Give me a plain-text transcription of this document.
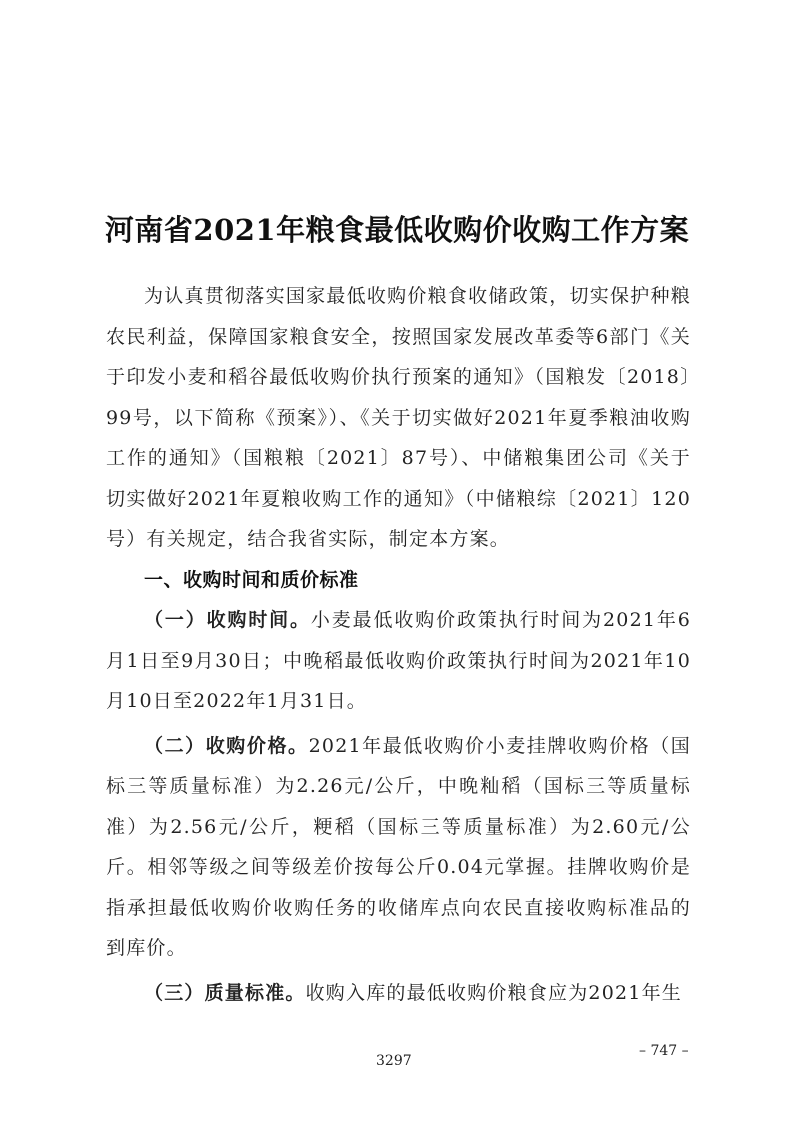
河南省2021年粮食最低收购价收购工作方案

为认真贯彻落实国家最低收购价粮食收储政策，切实保护种粮农民利益，保障国家粮食安全，按照国家发展改革委等6部门《关于印发小麦和稻谷最低收购价执行预案的通知》（国粮发〔2018〕99号，以下简称《预案》）、《关于切实做好2021年夏季粮油收购工作的通知》（国粮粮〔2021〕87号）、中储粮集团公司《关于切实做好2021年夏粮收购工作的通知》（中储粮综〔2021〕120号）有关规定，结合我省实际，制定本方案。

一、收购时间和质价标准

（一）收购时间。小麦最低收购价政策执行时间为2021年6月1日至9月30日；中晚稻最低收购价政策执行时间为2021年10月10日至2022年1月31日。

（二）收购价格。2021年最低收购价小麦挂牌收购价格（国标三等质量标准）为2.26元/公斤，中晚籼稻（国标三等质量标准）为2.56元/公斤，粳稻（国标三等质量标准）为2.60元/公斤。相邻等级之间等级差价按每公斤0.04元掌握。挂牌收购价是指承担最低收购价收购任务的收储库点向农民直接收购标准品的到库价。

（三）质量标准。收购入库的最低收购价粮食应为2021年生

– 747 –
3297
